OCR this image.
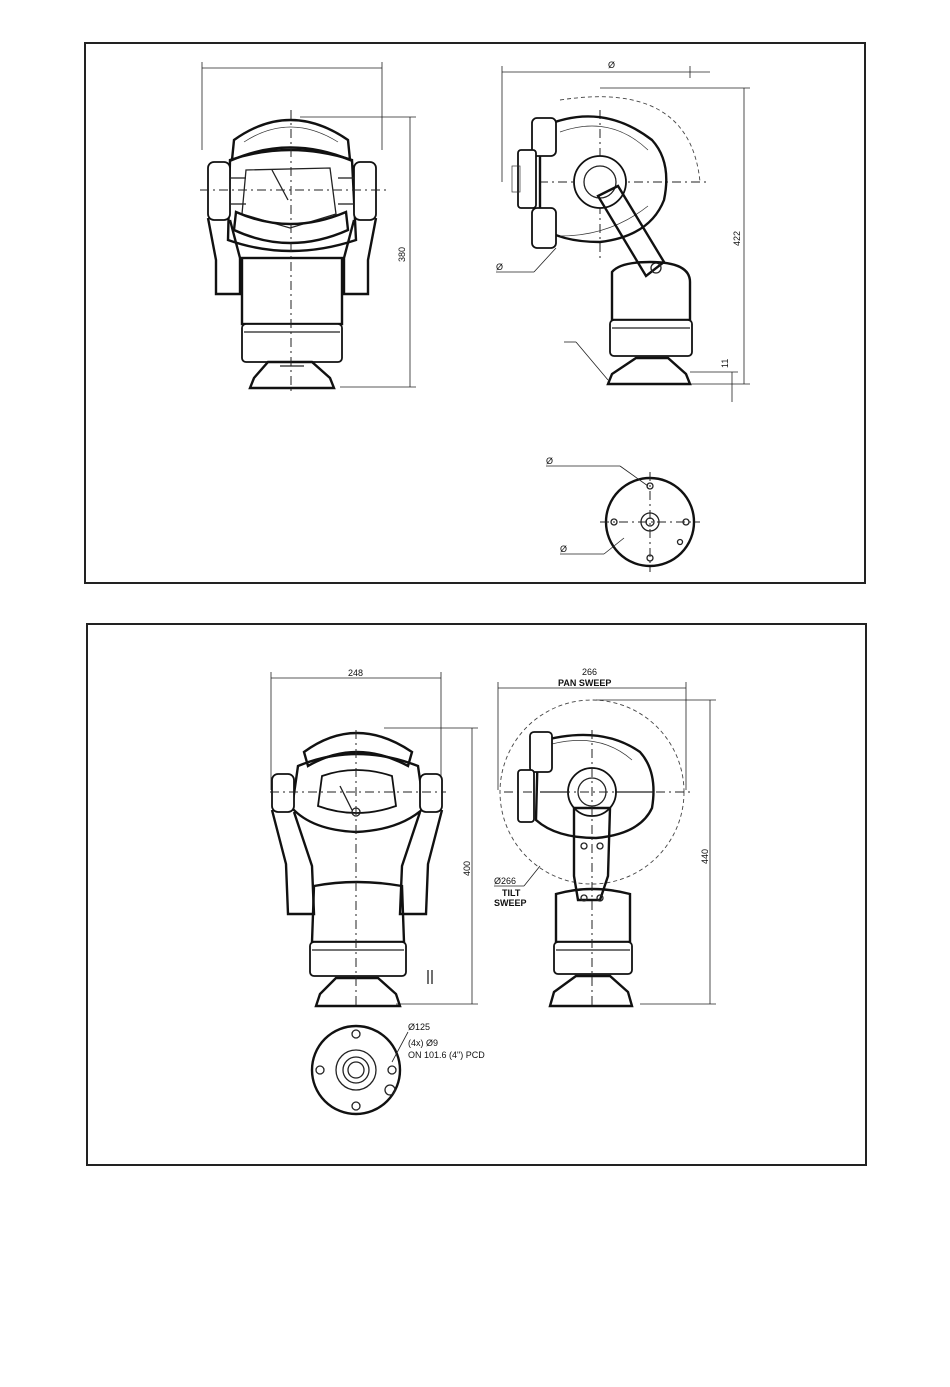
380
Ø
422
11
Ø
Ø
Ø
248
400
Ø125
(4x) Ø9
ON 101.6 (4") PCD
266
PAN SWEEP
440
Ø266
TILT
SWEEP
